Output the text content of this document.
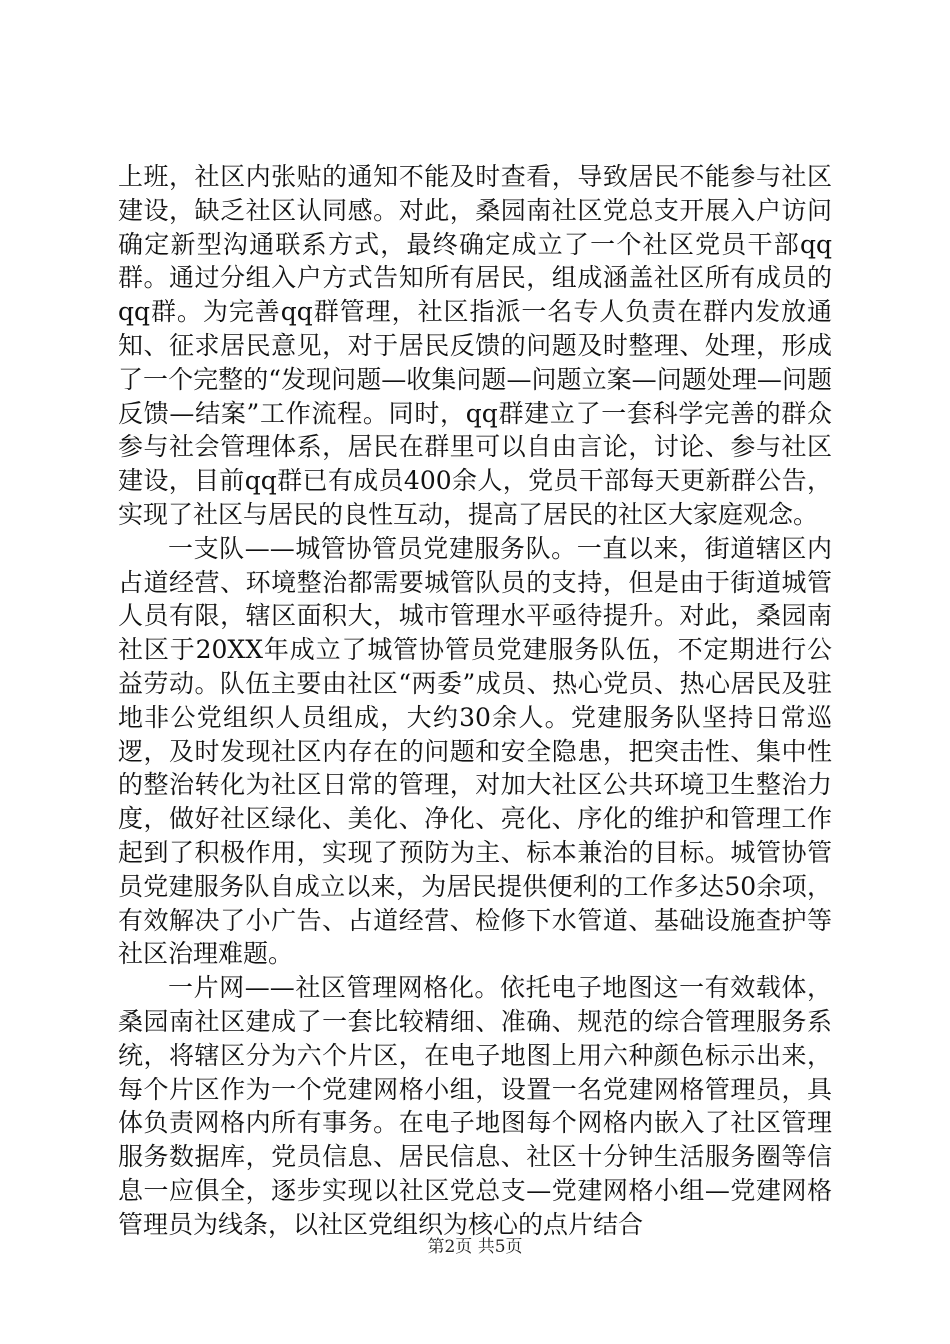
上班，社区内张贴的通知不能及时查看，导致居民不能参与社区建设，缺乏社区认同感。对此，桑园南社区党总支开展入户访问确定新型沟通联系方式，最终确定成立了一个社区党员干部qq群。通过分组入户方式告知所有居民，组成涵盖社区所有成员的qq群。为完善qq群管理，社区指派一名专人负责在群内发放通知、征求居民意见，对于居民反馈的问题及时整理、处理，形成了一个完整的“发现问题—收集问题—问题立案—问题处理—问题反馈—结案”工作流程。同时，qq群建立了一套科学完善的群众参与社会管理体系，居民在群里可以自由言论，讨论、参与社区建设，目前qq群已有成员400余人，党员干部每天更新群公告，实现了社区与居民的良性互动，提高了居民的社区大家庭观念。

一支队——城管协管员党建服务队。一直以来，街道辖区内占道经营、环境整治都需要城管队员的支持，但是由于街道城管人员有限，辖区面积大，城市管理水平亟待提升。对此，桑园南社区于20XX年成立了城管协管员党建服务队伍，不定期进行公益劳动。队伍主要由社区“两委”成员、热心党员、热心居民及驻地非公党组织人员组成，大约30余人。党建服务队坚持日常巡逻，及时发现社区内存在的问题和安全隐患，把突击性、集中性的整治转化为社区日常的管理，对加大社区公共环境卫生整治力度，做好社区绿化、美化、净化、亮化、序化的维护和管理工作起到了积极作用，实现了预防为主、标本兼治的目标。城管协管员党建服务队自成立以来，为居民提供便利的工作多达50余项，有效解决了小广告、占道经营、检修下水管道、基础设施查护等社区治理难题。

一片网——社区管理网格化。依托电子地图这一有效载体，桑园南社区建成了一套比较精细、准确、规范的综合管理服务系统，将辖区分为六个片区，在电子地图上用六种颜色标示出来，每个片区作为一个党建网格小组，设置一名党建网格管理员，具体负责网格内所有事务。在电子地图每个网格内嵌入了社区管理服务数据库，党员信息、居民信息、社区十分钟生活服务圈等信息一应俱全，逐步实现以社区党总支—党建网格小组—党建网格管理员为线条，以社区党组织为核心的点片结合

第2页 共5页
